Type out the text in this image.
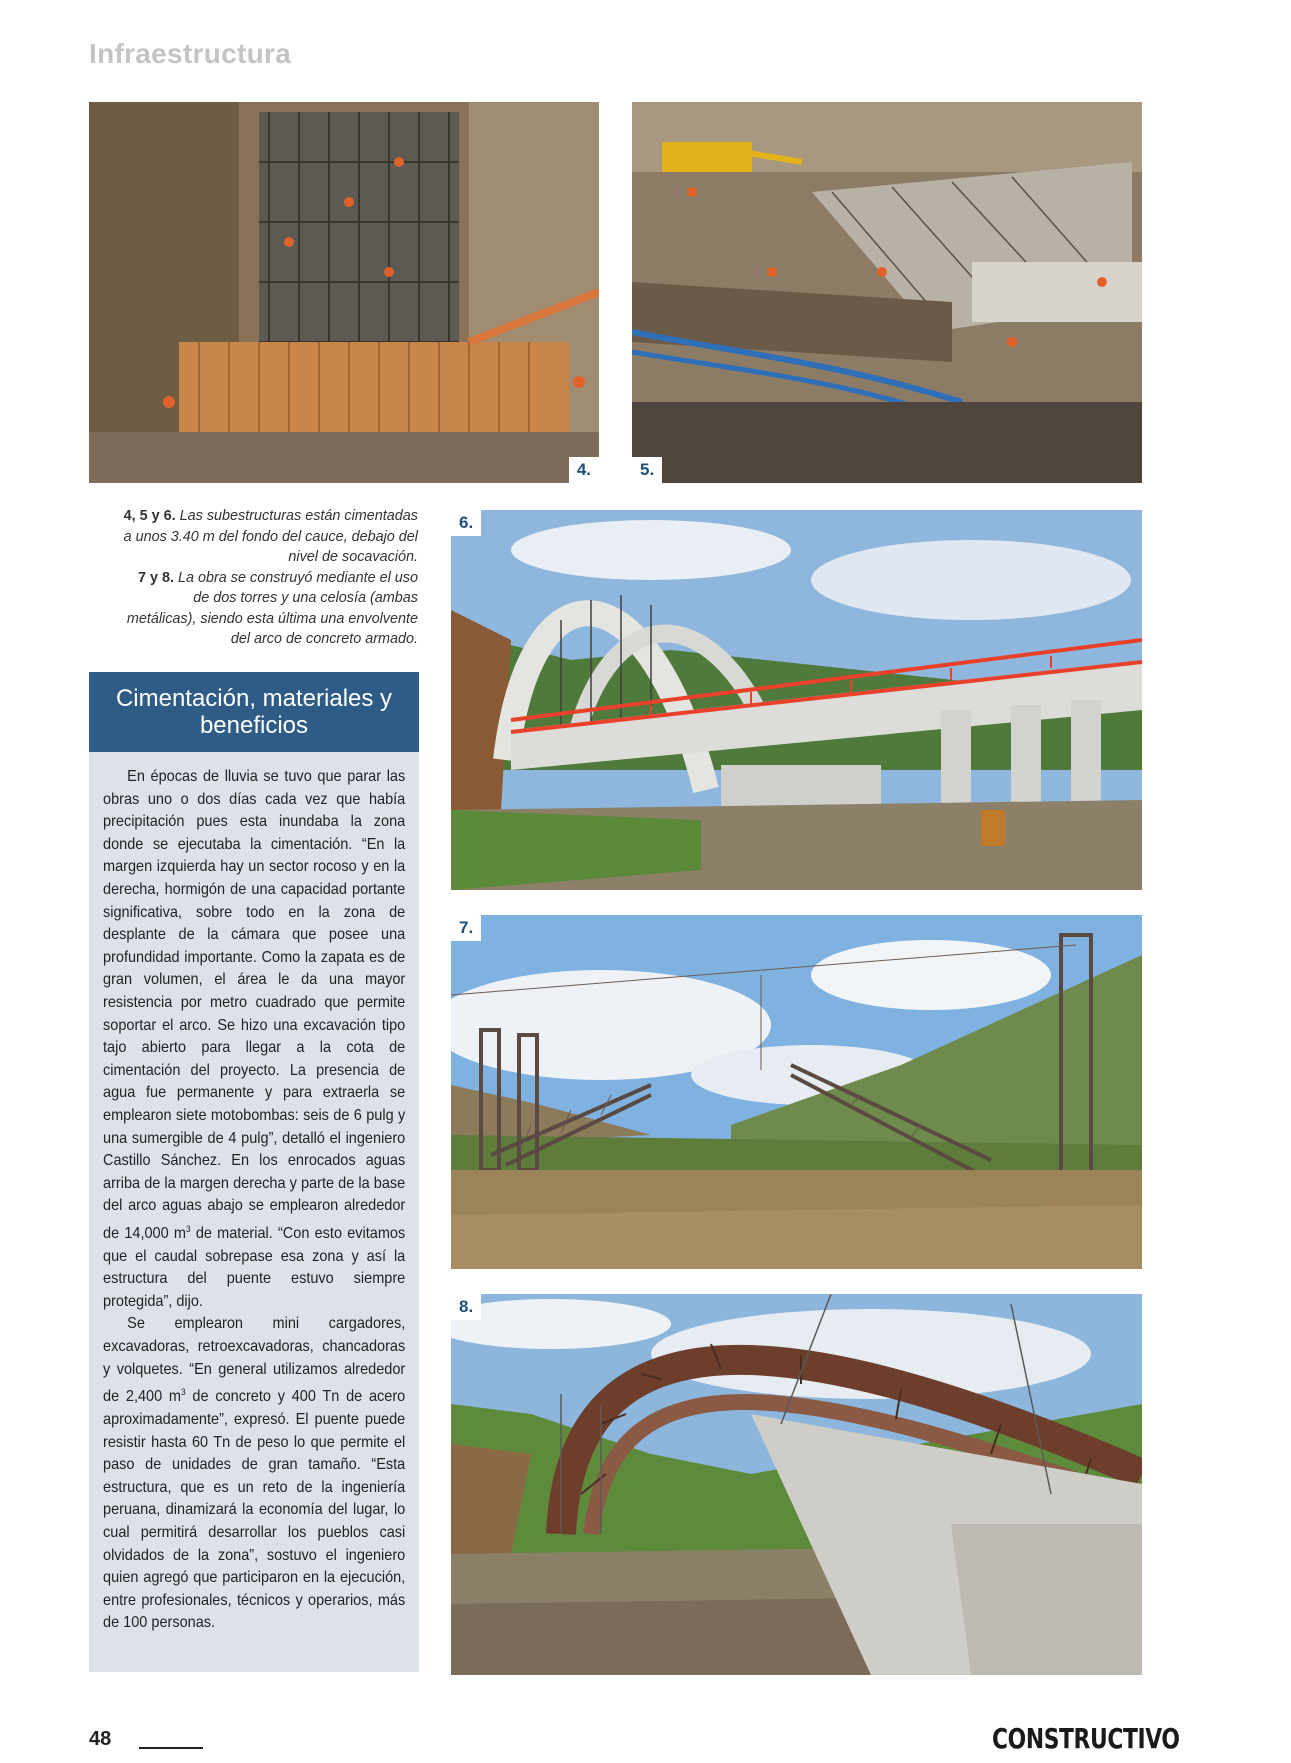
Infraestructura
4.	5.
4, 5 y 6. Las subestructuras están cimentadas a unos 3.40 m del fondo del cauce, debajo del nivel de socavación.
7 y 8. La obra se construyó mediante el uso de dos torres y una celosía (ambas metálicas), siendo esta última una envolvente del arco de concreto armado.
6.
7.
8.
Cimentación, materiales y beneficios

En épocas de lluvia se tuvo que parar las obras uno o dos días cada vez que había precipitación pues esta inundaba la zona donde se ejecutaba la cimentación. “En la margen izquierda hay un sector rocoso y en la derecha, hormigón de una capacidad portante significativa, sobre todo en la zona de desplante de la cámara que posee una profundidad importante. Como la zapata es de gran volumen, el área le da una mayor resistencia por metro cuadrado que permite soportar el arco. Se hizo una excavación tipo tajo abierto para llegar a la cota de cimentación del proyecto. La presencia de agua fue permanente y para extraerla se emplearon siete motobombas: seis de 6 pulg y una sumergible de 4 pulg”, detalló el ingeniero Castillo Sánchez. En los enrocados aguas arriba de la margen derecha y parte de la base del arco aguas abajo se emplearon alrededor de 14,000 $m^3$ de material. “Con esto evitamos que el caudal sobrepase esa zona y así la estructura del puente estuvo siempre protegida”, dijo.

Se emplearon mini cargadores, excavadoras, retroexcavadoras, chancadoras y volquetes. “En general utilizamos alrededor de 2,400 $m^3$ de concreto y 400 Tn de acero aproximadamente”, expresó. El puente puede resistir hasta 60 Tn de peso lo que permite el paso de unidades de gran tamaño. “Esta estructura, que es un reto de la ingeniería peruana, dinamizará la economía del lugar, lo cual permitirá desarrollar los pueblos casi olvidados de la zona”, sostuvo el ingeniero quien agregó que participaron en la ejecución, entre profesionales, técnicos y operarios, más de 100 personas.

48	CONSTRUCTIVO
